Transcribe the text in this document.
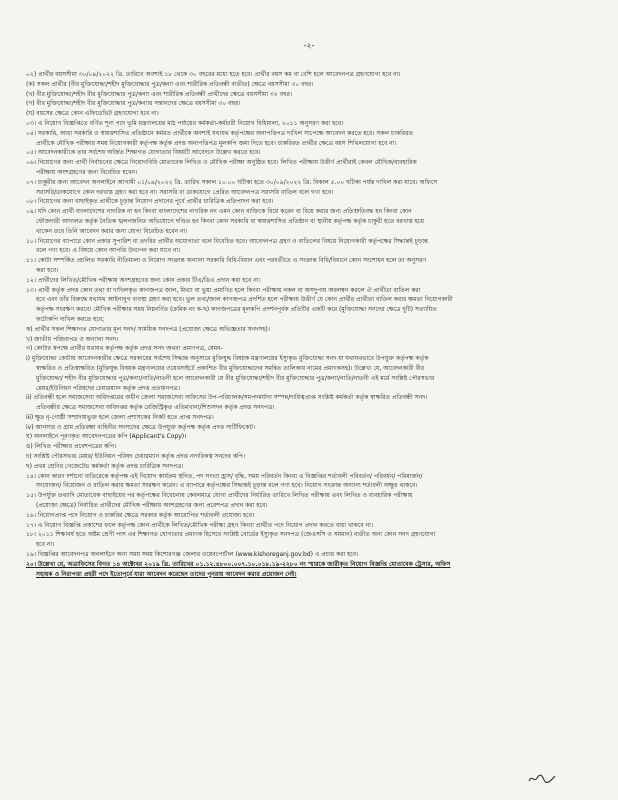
-২-
০২) প্রার্থীর বয়সসীমা ৩০/০৯/২০২২ খ্রি. তারিখে অবশ্যই ১৮ থেকে ৩০ বছরের মধ্যে হতে হবে। প্রার্থীর বয়স কম বা বেশি হলে আবেদনপত্র গ্রহণযোগ্য হবে না।
(ক) সকল প্রার্থীর (বীর মুক্তিযোদ্ধা/শহীদ মুক্তিযোদ্ধার পুত্র/কন্যা এবং শারীরিক প্রতিবন্ধী ব্যতীত) ক্ষেত্রে বয়সসীমা ৩০ বছর।
(খ) বীর মুক্তিযোদ্ধা/শহীদ বীর মুক্তিযোদ্ধার পুত্র/কন্যা এবং শারীরিক প্রতিবন্ধী প্রার্থীদের ক্ষেত্রে বয়সসীমা ৩২ বছর।
(গ) বীর মুক্তিযোদ্ধা/শহীদ বীর মুক্তিযোদ্ধার পুত্র/কন্যার সন্তানদের ক্ষেত্রে বয়সসীমা ৩০ বছর।
(ঘ) বয়সের ক্ষেত্রে কোন এফিডেভিট গ্রহণযোগ্য হবে না।
০৩। এ নিয়োগ বিজ্ঞপ্তিতে বর্ণিত শূন্য পদে ভূমি মন্ত্রণালয়ের মাঠ পর্যায়ের কর্মকর্তা-কর্মচারী নিয়োগ বিধিমালা, ২০১১ অনুসরণ করা হবে।
০৪। সরকারি, আধা সরকারি ও স্বায়ত্তশাসিত প্রতিষ্ঠানে কর্মরত প্রার্থীকে অবশ্যই যথাযথ কর্তৃপক্ষের অনাপত্তিপত্র দাখিল সাপেক্ষে আবেদন করতে হবে। সকল চাকরিরত
প্রার্থীকে মৌখিক পরীক্ষার সময় নিয়োগকারী কর্তৃপক্ষ কর্তৃক প্রদত্ত অনাপত্তিপত্র মূলকপি জমা দিতে হবে। চাকরিরত প্রার্থীর ক্ষেত্রে বয়স শিথিলযোগ্য হবে না।
০৫। আবেদনকারীকে তার সর্বশেষ অর্জিত শিক্ষাগত যোগ্যতার বিষয়টি আবেদনে উল্লেখ করতে হবে।
০৬। নিয়োগের জন্য প্রার্থী নির্বাচনের ক্ষেত্রে নিয়োগবিধি মোতাবেক লিখিত ও মৌখিক পরীক্ষা অনুষ্ঠিত হবে। লিখিত পরীক্ষায় উত্তীর্ণ প্রার্থীরাই কেবল মৌখিক/ব্যবহারিক
পরীক্ষায় অংশগ্রহণের জন্য বিবেচিত হবেন।
০৭। চাকুরীর জন্য আবেদন অনলাইনে আগামী ০১/০৯/২০২২ খ্রি. তারিখ সকাল ১০.০০ ঘটিকা হতে ৩০/০৯/২০২২ খ্রি. বিকাল ৫.০০ ঘটিকা পর্যন্ত দাখিল করা যাবে। অফিসে
সরাসরি/ডাকযোগে কোন দরখাস্ত গ্রহণ করা হবে না। সরাসরি বা ডাকযোগে প্রেরিত আবেদনপত্র সরাসরি বাতিল বলে গণ্য হবে।
০৮। নিয়োগের জন্য বাছাইকৃত প্রার্থীকে চূড়ান্ত নিয়োগ প্রদানের পূর্বে প্রার্থীর চারিত্রিক প্রতিপাদন করা হবে।
০৯। যদি কোন প্রার্থী বাংলাদেশের নাগরিক না হন কিংবা বাংলাদেশের নাগরিক নন এমন কোন ব্যক্তিকে বিয়ে করেন বা বিয়ে করার জন্য প্রতিশ্রুতিবদ্ধ হন কিংবা কোন
ফৌজদারী আদালত কর্তৃক নৈতিক স্খলনজনিত অভিযোগে দণ্ডিত হন কিংবা কোন সরকারি বা স্বায়ত্তশাসিত প্রতিষ্ঠান বা স্থানীয় কর্তৃপক্ষ কর্তৃক চাকুরী হতে বরখাস্ত হয়ে
থাকেন তবে তিনি আবেদন করার জন্য যোগ্য বিবেচিত হবেন না।
১০। নিয়োগের ব্যাপারে কোন প্রকার সুপারিশ বা তদবির প্রার্থীর অযোগ্যতা বলে বিবেচিত হবে। আবেদনপত্র গ্রহণ ও বাতিলের বিষয়ে নিয়োগকারী কর্তৃপক্ষের সিদ্ধান্তই চূড়ান্ত
বলে গণ্য হবে। এ বিষয়ে কোন আপত্তি উত্থাপন করা যাবে না।
১১। কোটা সম্পর্কিত প্রচলিত সরকারি নীতিমালা ও নিয়োগ সংক্রান্ত অন্যান্য সরকারি বিধি-বিধান এবং পরবর্তীতে এ সংক্রান্ত বিধি/বিধানে কোন সংশোধন হলে তা অনুসরণ
করা হবে।
১২। প্রার্থীদের লিখিত/মৌখিক পরীক্ষায় অংশগ্রহণের জন্য কোন প্রকার টিএ/ডিএ প্রদান করা হবে না।
১৩। প্রার্থী কর্তৃক প্রদত্ত কোন তথ্য বা দাখিলকৃত কাগজপত্র জাল, মিথ্যা বা ভুয়া প্রমাণিত হলে কিংবা পরীক্ষায় নকল বা অসদুপায় অবলম্বন করলে ঐ প্রার্থীতা বাতিল করা
হবে এবং তাঁর বিরুদ্ধে যথাযথ আইনানুগ ব্যবস্থা গ্রহণ করা হবে। ভুল তথ্য/জাল কাগজপত্র প্রদর্শিত হলে পরীক্ষায় উত্তীর্ণ যে কোন প্রার্থীর প্রার্থীতা বাতিল করার ক্ষমতা নিয়োগকারী
কর্তৃপক্ষ সংরক্ষণ করবে। মৌখিক পরীক্ষার সময় নিম্নবর্ণিত (ক্রমিক নং ক-ছ) কাগজপত্রের মূলকপি প্রদর্শনপূর্বক প্রতিটির একটি করে (মুক্তিযোদ্ধা সনদের ক্ষেত্রে দুটি) সত্যায়িত
ফটোকপি দাখিল করতে হবে;
ক) প্রার্থীর সকল শিক্ষাগত যোগ্যতার মূল সনদ/ সাময়িক সনদপত্র (প্রযোজ্য ক্ষেত্রে অভিজ্ঞতার সনদসহ)।
খ) জাতীয় পরিচয়পত্র ও অন্যান্য সনদ।
গ) কোটার স্বপক্ষে প্রার্থীর যথাযথ কর্তৃপক্ষ কর্তৃক প্রদত্ত সনদ অথবা প্রমাণপত্র, যেমন-
i) মুক্তিযোদ্ধা কোটায় আবেদনকারীর ক্ষেত্রে সরকারের সর্বশেষ সিদ্ধান্ত অনুসারে মুক্তিযুদ্ধ বিষয়ক মন্ত্রণালয়ের ইস্যুকৃত মুক্তিযোদ্ধা সনদ যা যথাযথভাবে উপযুক্ত কর্তৃপক্ষ কর্তৃক
স্বাক্ষরিত ও প্রতিস্বাক্ষরিত (মুক্তিযুদ্ধ বিষয়ক মন্ত্রণালয়ের ওয়েবসাইটে প্রকাশিত বীর মুক্তিযোদ্ধাদের সমন্বিত তালিকায় নামের প্রমাণকসহ)। উল্লেখ্য যে, আবেদনকারী বীর
মুক্তিযোদ্ধা/ শহীদ বীর মুক্তিযোদ্ধার পুত্র/কন্যা/নাতি/নাতনী হলে আবেদনকারী যে বীর মুক্তিযোদ্ধা/শহীদ বীর মুক্তিযোদ্ধার পুত্র/কন্যা/নাতি/নাতনী এই মর্মে সংশ্লিষ্ট পৌরসভার
মেয়র/ইউনিয়ন পরিষদের চেয়ারম্যান কর্তৃক প্রদত্ত প্রত্যয়নপত্র।
ii) প্রতিবন্ধী হলে সমাজসেবা অধিদপ্তরের অধীন জেলা সমাজসেবা অফিসের উপ-পরিচালক/সমপদমর্যাদা সম্পন্ন/দায়িত্বপ্রাপ্ত সংশ্লিষ্ট কর্মকর্তা কর্তৃক স্বাক্ষরিত প্রতিবন্ধী সনদ।
প্রতিবন্ধীর ক্ষেত্রে সমাজসেবা অধিদপ্তর কর্তৃক রেজিস্ট্রিকৃত এতিমখানা/শিশুসদন কর্তৃক প্রদত্ত সনদপত্র।
iii) ক্ষুদ্র নৃ-গোষ্ঠী সম্প্রদায়ভুক্ত হলে জেলা প্রশাসকের নিকট হতে প্রাপ্ত সনদপত্র।
iv) আনসার ও গ্রাম প্রতিরক্ষা বাহিনীর সদস্যদের ক্ষেত্রে উপযুক্ত কর্তৃপক্ষ কর্তৃক প্রদত্ত সার্টিফিকেট।
ঘ) অনলাইনে পূরণকৃত আবেদনপত্রের কপি (Applicant's Copy)।
ঙ) লিখিত পরীক্ষার প্রবেশপত্রের কপি।
চ) সংশ্লিষ্ট পৌরসভার মেয়র/ ইউনিয়ন পরিষদ চেয়ারম্যান কর্তৃক প্রদত্ত নাগরিকত্ব সনদের কপি।
ছ) প্রথম শ্রেণির গেজেটেড কর্মকর্তা কর্তৃক প্রদত্ত চারিত্রিক সনদপত্র।
১৪। কোন কারণ দর্শানো ব্যতিরেকে কর্তৃপক্ষ এই নিয়োগ কার্যক্রম স্থগিত, পদ সংখ্যা হ্রাস/ বৃদ্ধি, সময় পরিবর্তন কিংবা এ বিজ্ঞপ্তির শর্তাবলী পরিবর্তন/ পরিবর্ধন/ পরিমার্জন/
সংযোজন/ বিয়োজন ও বাতিল করার ক্ষমতা সংরক্ষণ করেন। এ ব্যাপারে কর্তৃপক্ষের সিদ্ধান্তই চূড়ান্ত বলে গণ্য হবে। নিয়োগ সংক্রান্ত অন্যান্য শর্তাবলী অক্ষুণ্ণ থাকবে।
১৫। উপর্যুক্ত তথ্যাদি মোতাবেক বাছাইয়ের পর কর্তৃপক্ষের বিবেচনায় কেবলমাত্র যোগ্য প্রার্থীদের নির্ধারিত তারিখে লিখিত পরীক্ষায় এবং লিখিত ও ব্যবহারিক পরীক্ষায়
(প্রযোজ্য ক্ষেত্রে) নির্বাচিত প্রার্থীদের মৌখিক পরীক্ষায় অংশগ্রহণের জন্য প্রবেশপত্র প্রদান করা হবে।
১৬। নিয়োগপ্রাপ্ত পদে নিয়োগ ও চাকরির ক্ষেত্রে সরকার কর্তৃক আরোপিত শর্তাবলী প্রযোজ্য হবে।
১৭। এ নিয়োগ বিজ্ঞপ্তি প্রকাশের ফলে কর্তৃপক্ষ কোন প্রার্থীকে লিখিত/মৌখিক পরীক্ষা গ্রহণ কিংবা প্রার্থীত পদে নিয়োগ প্রদান করতে বাধ্য থাকবে না।
১৮। ২০১১ শিক্ষাবর্ষ হতে অষ্টম শ্রেণী পাস এর শিক্ষাগত যোগ্যতার প্রমাণক হিসেবে সংশ্লিষ্ট বোর্ডের ইস্যুকৃত সনদপত্র (জেএসসি ও সমমান) ব্যতীত অন্য কোন সনদ গ্রহণযোগ্য
হবে না।
১৯। বিজ্ঞপ্তির আবেদনপত্র অনলাইনে অন্য সময় সময় কিশোরগঞ্জ জেলার ওয়েবপোর্টাল (www.kishoreganj.gov.bd) এ প্রচার করা হবে।
২০। উল্লেখ্য যে, অত্রাফিসের বিগত ১৪ অক্টোবর ২০১৯ খ্রি. তারিখের ০১.১২.৪৮০০.০০৭.১০.০১৮.১৯-২২৮০ নং স্মারকে জারীকৃত নিয়োগ বিজ্ঞপ্তি মোতাবেক ট্রেসার, অফিস
সহায়ক ও নিরাপত্তা প্রহরী পদে ইতোপূর্বে যারা আবেদন করেছেন তাদের পুনরায় আবেদন করার প্রয়োজন নেই।
